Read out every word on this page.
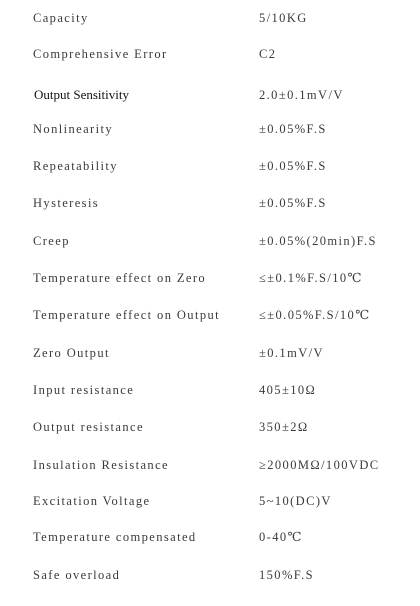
Capacity	5/10KG
Comprehensive Error	C2
Output Sensitivity	2.0±0.1mV/V
Nonlinearity	±0.05%F.S
Repeatability	±0.05%F.S
Hysteresis	±0.05%F.S
Creep	±0.05%(20min)F.S
Temperature effect on Zero	≤±0.1%F.S/10℃
Temperature effect on Output	≤±0.05%F.S/10℃
Zero Output	±0.1mV/V
Input resistance	405±10Ω
Output resistance	350±2Ω
Insulation Resistance	≥2000MΩ/100VDC
Excitation Voltage	5~10(DC)V
Temperature compensated	0-40℃
Safe overload	150%F.S
